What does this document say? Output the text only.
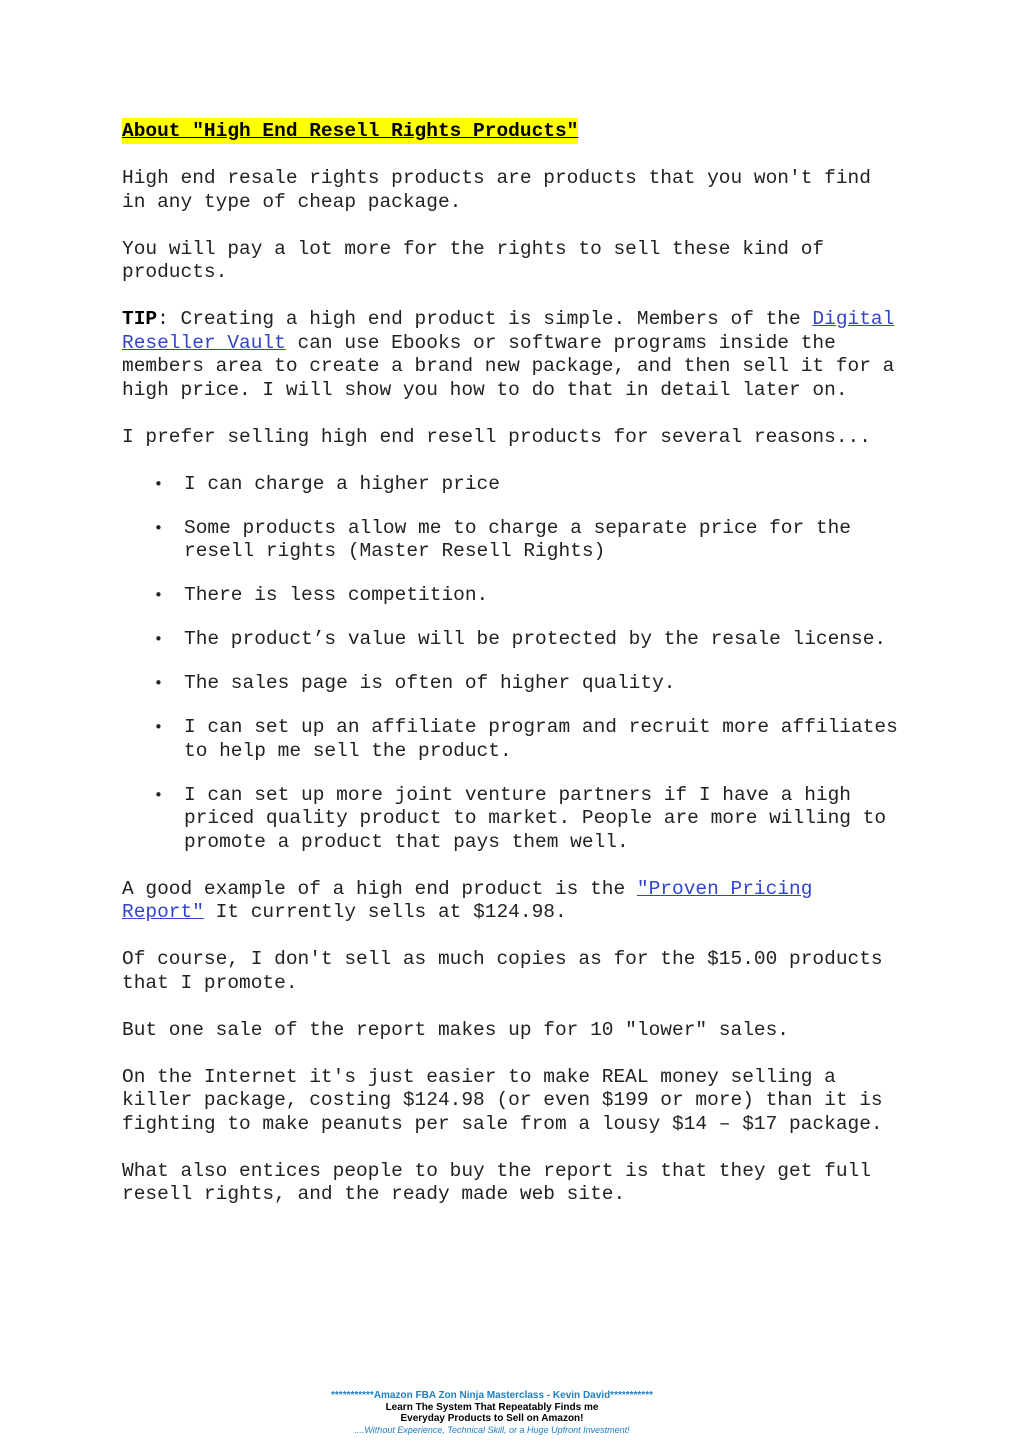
About "High End Resell Rights Products"

High end resale rights products are products that you won't find in any type of cheap package.

You will pay a lot more for the rights to sell these kind of products.

TIP: Creating a high end product is simple. Members of the Digital Reseller Vault can use Ebooks or software programs inside the members area to create a brand new package, and then sell it for a high price. I will show you how to do that in detail later on.

I prefer selling high end resell products for several reasons...

• I can charge a higher price
• Some products allow me to charge a separate price for the resell rights (Master Resell Rights)
• There is less competition.
• The product’s value will be protected by the resale license.
• The sales page is often of higher quality.
• I can set up an affiliate program and recruit more affiliates to help me sell the product.
• I can set up more joint venture partners if I have a high priced quality product to market. People are more willing to promote a product that pays them well.

A good example of a high end product is the "Proven Pricing Report" It currently sells at $124.98.

Of course, I don't sell as much copies as for the $15.00 products that I promote.

But one sale of the report makes up for 10 "lower" sales.

On the Internet it's just easier to make REAL money selling a killer package, costing $124.98 (or even $199 or more) than it is fighting to make peanuts per sale from a lousy $14 – $17 package.

What also entices people to buy the report is that they get full resell rights, and the ready made web site.

***********Amazon FBA Zon Ninja Masterclass - Kevin David***********
Learn The System That Repeatably Finds me
Everyday Products to Sell on Amazon!
....Without Experience, Technical Skill, or a Huge Upfront Investment!
